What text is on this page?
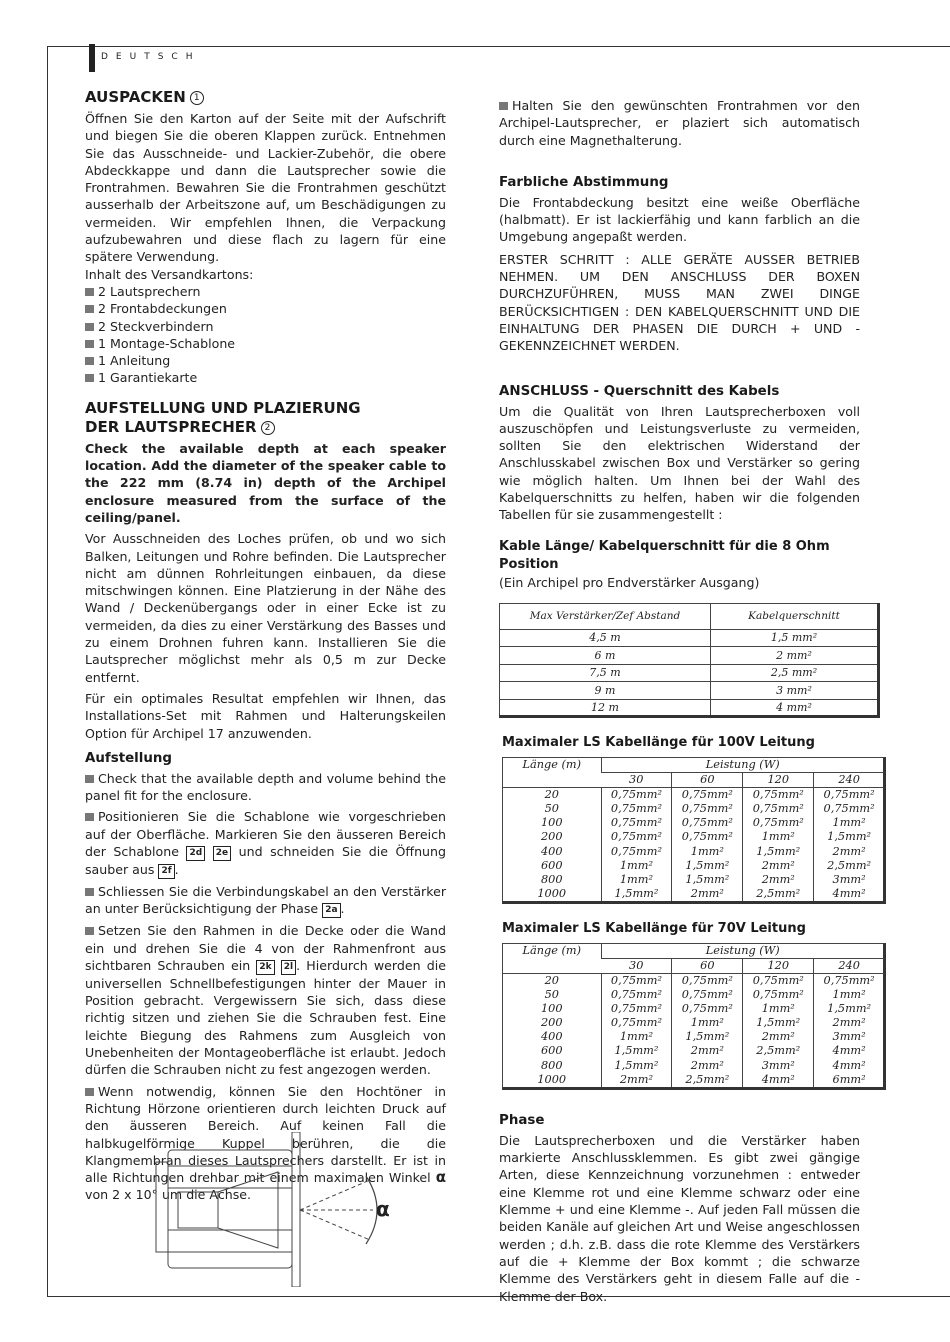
DEUTSCH
AUSPACKEN 1

Öffnen Sie den Karton auf der Seite mit der Aufschrift und biegen Sie die oberen Klappen zurück. Entnehmen Sie das Ausschneide- und Lackier-Zubehör, die obere Abdeckkappe und dann die Lautsprecher sowie die Frontrahmen. Bewahren Sie die Frontrahmen geschützt ausserhalb der Arbeitszone auf, um Beschädigungen zu vermeiden. Wir empfehlen Ihnen, die Verpackung aufzubewahren und diese flach zu lagern für eine spätere Verwendung.

Inhalt des Versandkartons:

2 Lautsprechern
2 Frontabdeckungen
2 Steckverbindern
1 Montage-Schablone
1 Anleitung
1 Garantiekarte
AUFSTELLUNG UND PLAZIERUNG
DER LAUTSPRECHER 2

Check the available depth at each speaker location. Add the diameter of the speaker cable to the 222 mm (8.74 in) depth of the Archipel enclosure measured from the surface of the ceiling/panel.

Vor Ausschneiden des Loches prüfen, ob und wo sich Balken, Leitungen und Rohre befinden. Die Lautsprecher nicht am dünnen Rohrleitungen einbauen, da diese mitschwingen können. Eine Platzierung in der Nähe des Wand / Deckenübergangs oder in einer Ecke ist zu vermeiden, da dies zu einer Verstärkung des Basses und zu einem Drohnen fuhren kann. Installieren Sie die Lautsprecher möglichst mehr als 0,5 m zur Decke entfernt.

Für ein optimales Resultat empfehlen wir Ihnen, das Installations-Set mit Rahmen und Halterungskeilen Option für Archipel 17 anzuwenden.

Aufstellung

Check that the available depth and volume behind the panel fit for the enclosure.

Positionieren Sie die Schablone wie vorgeschrieben auf der Oberfläche. Markieren Sie den äusseren Bereich der Schablone 2d 2e und schneiden Sie die Öffnung sauber aus 2f .

Schliessen Sie die Verbindungskabel an den Verstärker an unter Berücksichtigung der Phase 2a .

Setzen Sie den Rahmen in die Decke oder die Wand ein und drehen Sie die 4 von der Rahmenfront aus sichtbaren Schrauben ein 2k 2l . Hierdurch werden die universellen Schnellbefestigungen hinter der Mauer in Position gebracht. Vergewissern Sie sich, dass diese richtig sitzen und ziehen Sie die Schrauben fest. Eine leichte Biegung des Rahmens zum Ausgleich von Unebenheiten der Montageoberfläche ist erlaubt. Jedoch dürfen die Schrauben nicht zu fest angezogen werden.

Wenn notwendig, können Sie den Hochtöner in Richtung Hörzone orientieren durch leichten Druck auf den äusseren Bereich. Auf keinen Fall die halbkugelförmige Kuppel berühren, die die Klangmembran dieses Lautsprechers darstellt. Er ist in alle Richtungen drehbar mit einem maximalen Winkel α von 2 x 10° um die Achse.

α

Halten Sie den gewünschten Frontrahmen vor den Archipel-Lautsprecher, er plaziert sich automatisch durch eine Magnethalterung.

Farbliche Abstimmung

Die Frontabdeckung besitzt eine weiße Oberfläche (halbmatt). Er ist lackierfähig und kann farblich an die Umgebung angepaßt werden.

ERSTER SCHRITT : ALLE GERÄTE AUSSER BETRIEB NEHMEN. UM DEN ANSCHLUSS DER BOXEN DURCHZUFÜHREN, MUSS MAN ZWEI DINGE BERÜCKSICHTIGEN : DEN KABELQUERSCHNITT UND DIE EINHALTUNG DER PHASEN DIE DURCH + UND - GEKENNZEICHNET WERDEN.

ANSCHLUSS - Querschnitt des Kabels

Um die Qualität von Ihren Lautsprecherboxen voll auszuschöpfen und Leistungsverluste zu vermeiden, sollten Sie den elektrischen Widerstand der Anschlusskabel zwischen Box und Verstärker so gering wie möglich halten. Um Ihnen bei der Wahl des Kabelquerschnitts zu helfen, haben wir die folgenden Tabellen für sie zusammengestellt :

Kable Länge/ Kabelquerschnitt für die 8 Ohm Position

(Ein Archipel pro Endverstärker Ausgang)

Max Verstärker/Zef Abstand	Kabelquerschnitt
4,5 m	1,5 mm²
6 m	2 mm²
7,5 m	2,5 mm²
9 m	3 mm²
12 m	4 mm²
Maximaler LS Kabellänge für 100V Leitung
Länge (m)	Leistung (W)			
	30	60	120	240
20	0,75mm²	0,75mm²	0,75mm²	0,75mm²
50	0,75mm²	0,75mm²	0,75mm²	0,75mm²
100	0,75mm²	0,75mm²	0,75mm²	1mm²
200	0,75mm²	0,75mm²	1mm²	1,5mm²
400	0,75mm²	1mm²	1,5mm²	2mm²
600	1mm²	1,5mm²	2mm²	2,5mm²
800	1mm²	1,5mm²	2mm²	3mm²
1000	1,5mm²	2mm²	2,5mm²	4mm²
Maximaler LS Kabellänge für 70V Leitung
Länge (m)	Leistung (W)			
	30	60	120	240
20	0,75mm²	0,75mm²	0,75mm²	0,75mm²
50	0,75mm²	0,75mm²	0,75mm²	1mm²
100	0,75mm²	0,75mm²	1mm²	1,5mm²
200	0,75mm²	1mm²	1,5mm²	2mm²
400	1mm²	1,5mm²	2mm²	3mm²
600	1,5mm²	2mm²	2,5mm²	4mm²
800	1,5mm²	2mm²	3mm²	4mm²
1000	2mm²	2,5mm²	4mm²	6mm²
Phase

Die Lautsprecherboxen und die Verstärker haben markierte Anschlussklemmen. Es gibt zwei gängige Arten, diese Kennzeichnung vorzunehmen : entweder eine Klemme rot und eine Klemme schwarz oder eine Klemme + und eine Klemme -. Auf jeden Fall müssen die beiden Kanäle auf gleichen Art und Weise angeschlossen werden ; d.h. z.B. dass die rote Klemme des Verstärkers auf die + Klemme der Box kommt ; die schwarze Klemme des Verstärkers geht in diesem Falle auf die - Klemme der Box.
